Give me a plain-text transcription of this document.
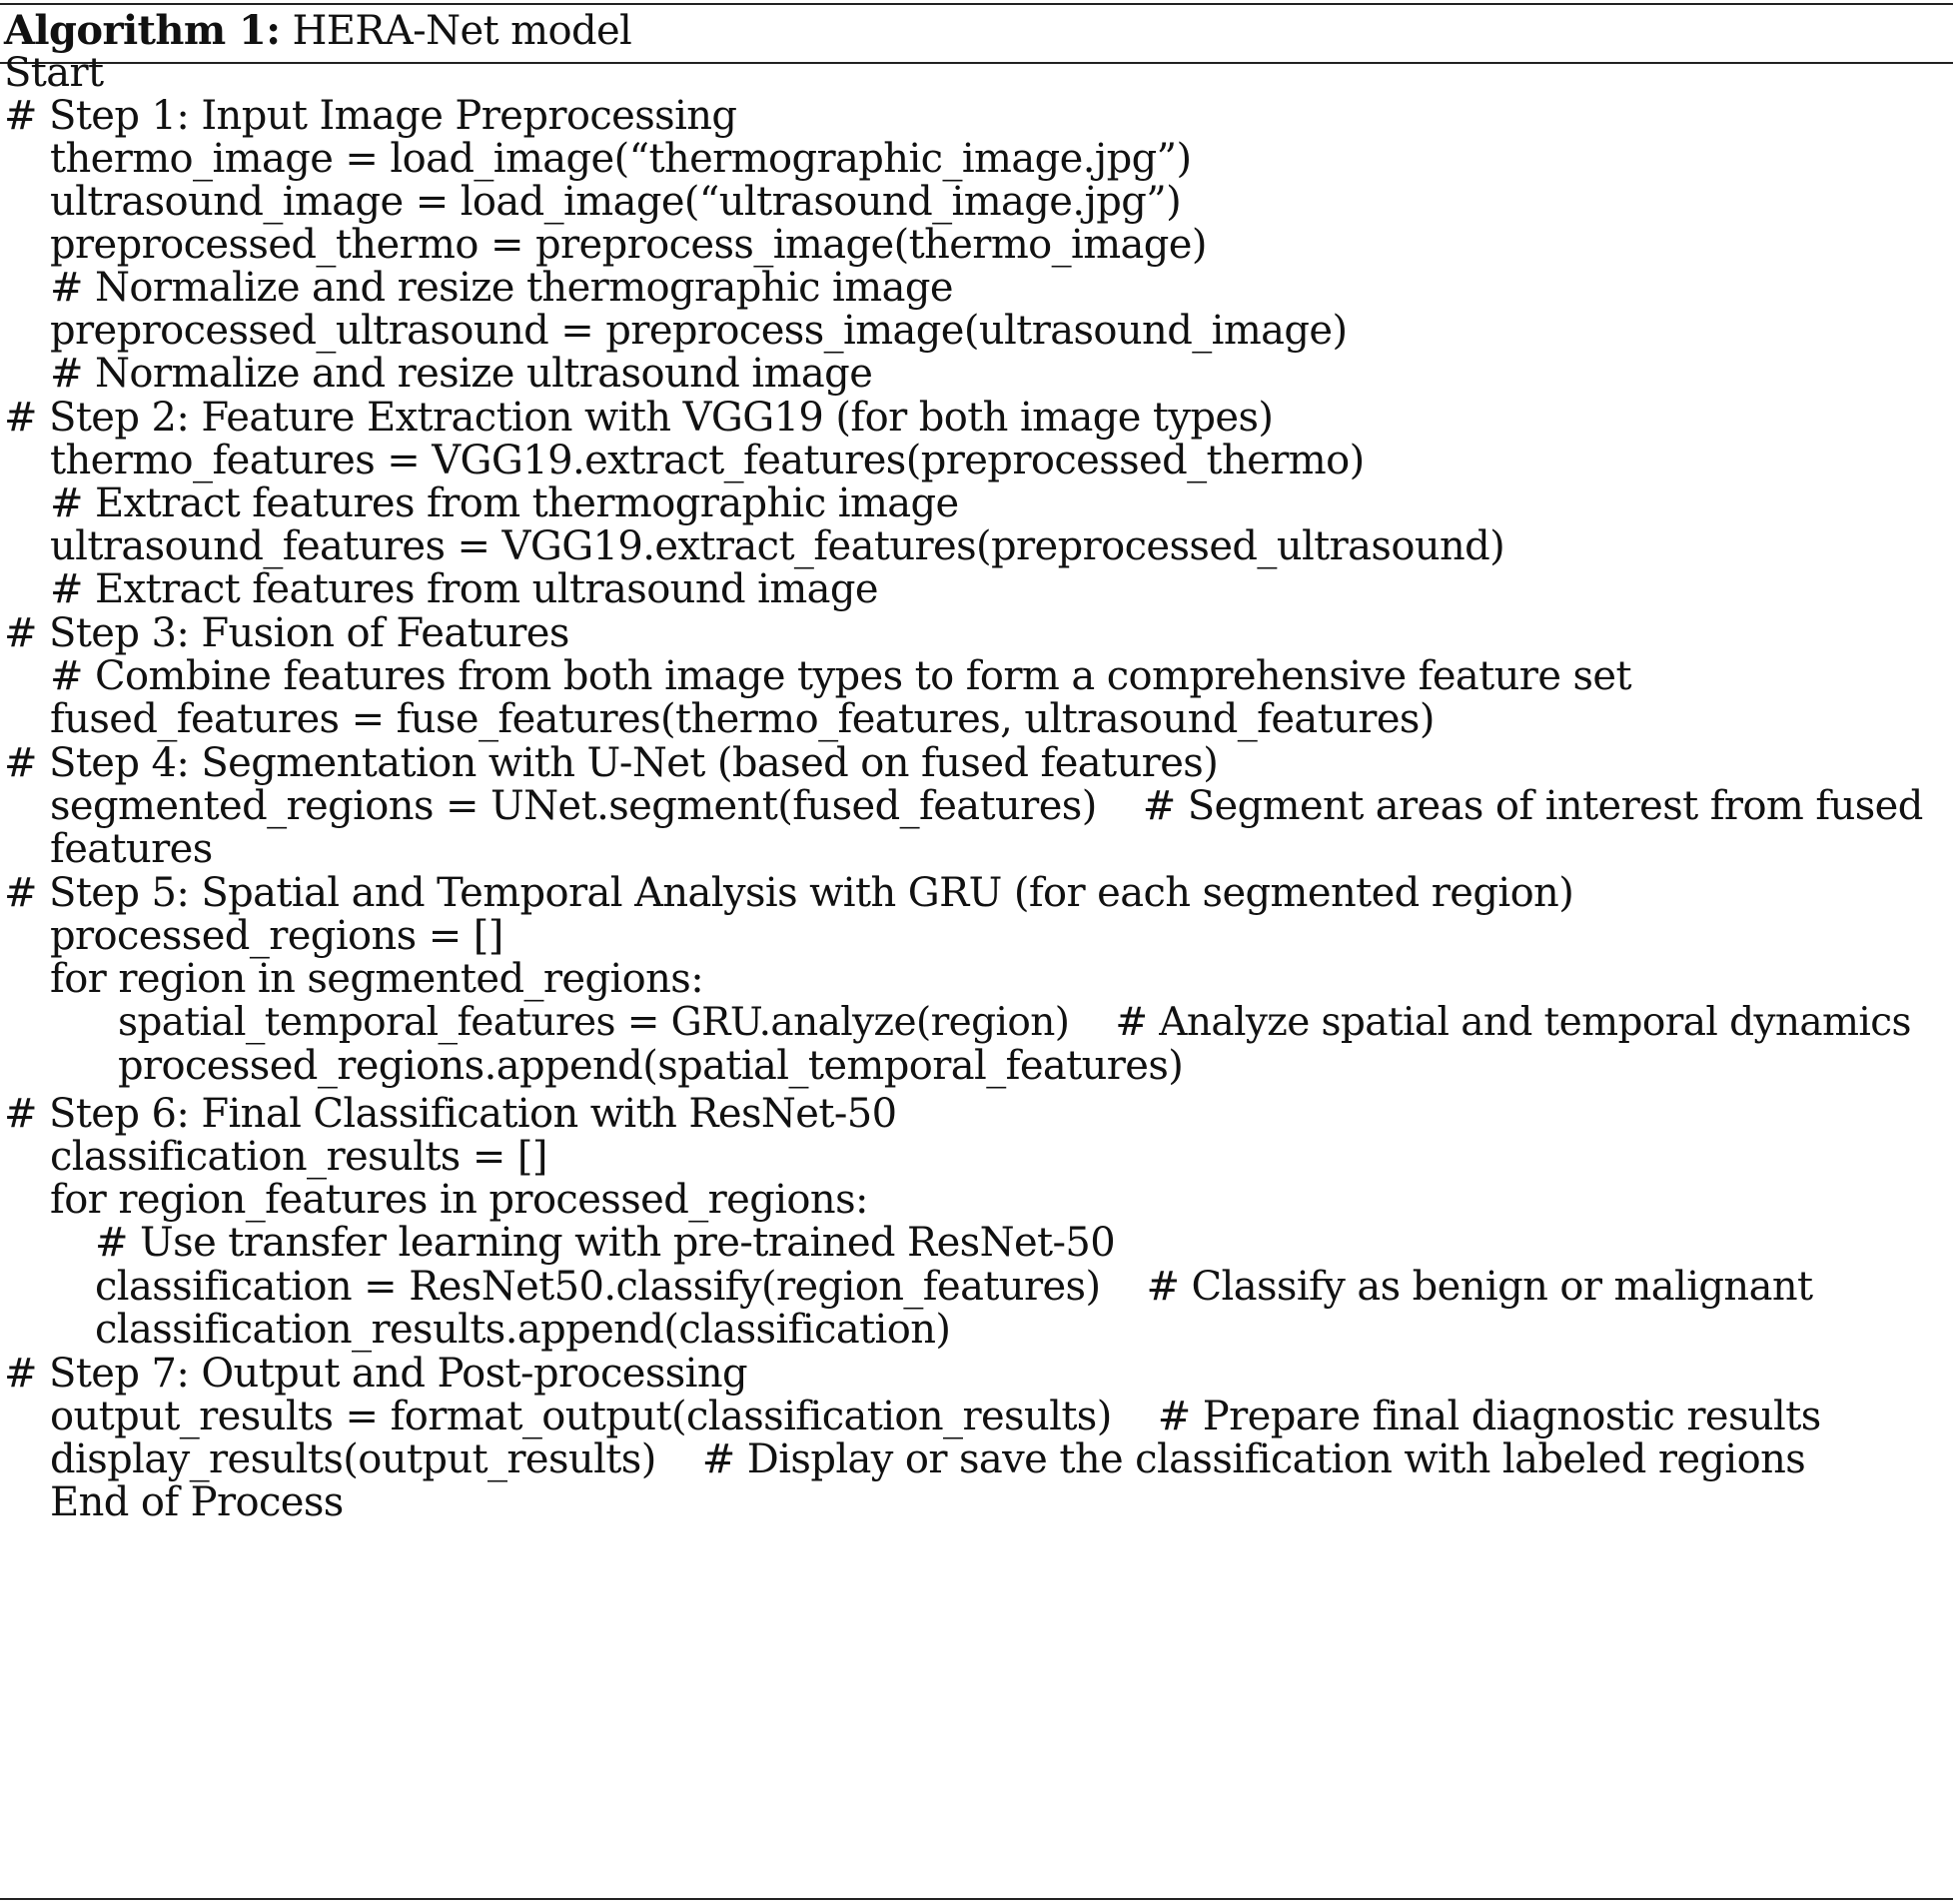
Algorithm 1: HERA-Net model
Start
# Step 1: Input Image Preprocessing
thermo_image = load_image(“thermographic_image.jpg”)
ultrasound_image = load_image(“ultrasound_image.jpg”)
preprocessed_thermo = preprocess_image(thermo_image)
# Normalize and resize thermographic image
preprocessed_ultrasound = preprocess_image(ultrasound_image)
# Normalize and resize ultrasound image
# Step 2: Feature Extraction with VGG19 (for both image types)
thermo_features = VGG19.extract_features(preprocessed_thermo)
# Extract features from thermographic image
ultrasound_features = VGG19.extract_features(preprocessed_ultrasound)
# Extract features from ultrasound image
# Step 3: Fusion of Features
# Combine features from both image types to form a comprehensive feature set
fused_features = fuse_features(thermo_features, ultrasound_features)
# Step 4: Segmentation with U-Net (based on fused features)
segmented_regions = UNet.segment(fused_features) # Segment areas of interest from fused
features
# Step 5: Spatial and Temporal Analysis with GRU (for each segmented region)
processed_regions = []
for region in segmented_regions:
spatial_temporal_features = GRU.analyze(region) # Analyze spatial and temporal dynamics
processed_regions.append(spatial_temporal_features)
# Step 6: Final Classification with ResNet-50
classification_results = []
for region_features in processed_regions:
# Use transfer learning with pre-trained ResNet-50
classification = ResNet50.classify(region_features) # Classify as benign or malignant
classification_results.append(classification)
# Step 7: Output and Post-processing
output_results = format_output(classification_results) # Prepare final diagnostic results
display_results(output_results) # Display or save the classification with labeled regions
End of Process
